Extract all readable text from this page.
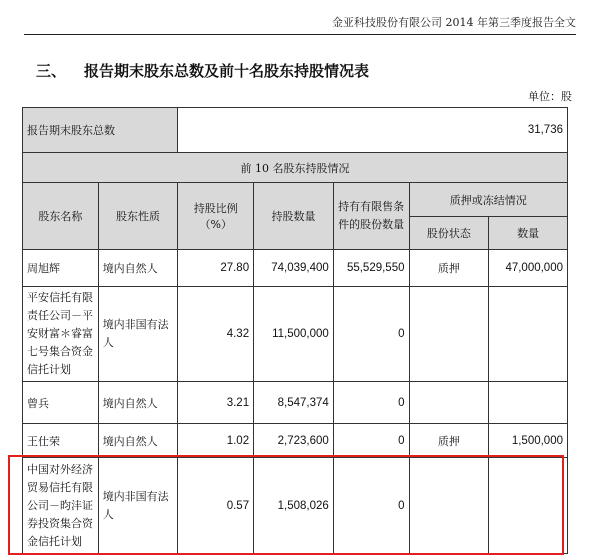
金亚科技股份有限公司 2014 年第三季度报告全文
三、 报告期末股东总数及前十名股东持股情况表
单位：股
报告期末股东总数		31,736				
前 10 名股东持股情况						
股东名称	股东性质	持股比例（%）	持股数量	持有有限售条件的股份数量	质押或冻结情况	
					股份状态	数量
周旭辉	境内自然人	27.80	74,039,400	55,529,550	质押	47,000,000
平安信托有限责任公司－平安财富＊睿富七号集合资金信托计划	境内非国有法人	4.32	11,500,000	0		
曾兵	境内自然人	3.21	8,547,374	0		
王仕荣	境内自然人	1.02	2,723,600	0	质押	1,500,000
中国对外经济贸易信托有限公司－昀沣证券投资集合资金信托计划	境内非国有法人	0.57	1,508,026	0		
